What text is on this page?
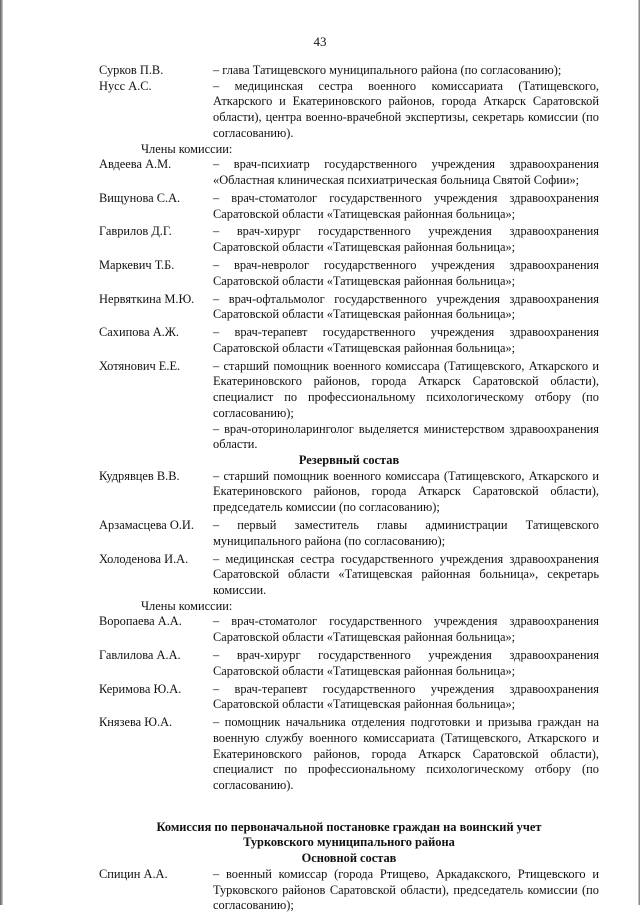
43
Сурков П.В.	– глава Татищевского муниципального района (по согласованию);
Нусс А.С.	– медицинская сестра военного комиссариата (Татищевского, Аткарского и Екатериновского районов, города Аткарск Саратовской области), центра военно-врачебной экспертизы, секретарь комиссии (по согласованию).
Члены комиссии:
Авдеева А.М.	– врач-психиатр государственного учреждения здравоохранения «Областная клиническая психиатрическая больница Святой Софии»;
Вищунова С.А.	– врач-стоматолог государственного учреждения здравоохранения Саратовской области «Татищевская районная больница»;
Гаврилов Д.Г.	– врач-хирург государственного учреждения здравоохранения Саратовской области «Татищевская районная больница»;
Маркевич Т.Б.	– врач-невролог государственного учреждения здравоохранения Саратовской области «Татищевская районная больница»;
Нервяткина М.Ю.	– врач-офтальмолог государственного учреждения здравоохранения Саратовской области «Татищевская районная больница»;
Сахипова А.Ж.	– врач-терапевт государственного учреждения здравоохранения Саратовской области «Татищевская районная больница»;
Хотянович Е.Е.	– старший помощник военного комиссара (Татищевского, Аткарского и Екатериновского районов, города Аткарск Саратовской области), специалист по профессиональному психологическому отбору (по согласованию);
– врач-оториноларинголог выделяется министерством здравоохранения области.
Резервный состав
Кудрявцев В.В.	– старший помощник военного комиссара (Татищевского, Аткарского и Екатериновского районов, города Аткарск Саратовской области), председатель комиссии (по согласованию);
Арзамасцева О.И.	– первый заместитель главы администрации Татищевского муниципального района (по согласованию);
Холоденова И.А.	– медицинская сестра государственного учреждения здравоохранения Саратовской области «Татищевская районная больница», секретарь комиссии.
Члены комиссии:
Воропаева А.А.	– врач-стоматолог государственного учреждения здравоохранения Саратовской области «Татищевская районная больница»;
Гавлилова А.А.	– врач-хирург государственного учреждения здравоохранения Саратовской области «Татищевская районная больница»;
Керимова Ю.А.	– врач-терапевт государственного учреждения здравоохранения Саратовской области «Татищевская районная больница»;
Князева Ю.А.	– помощник начальника отделения подготовки и призыва граждан на военную службу военного комиссариата (Татищевского, Аткарского и Екатериновского районов, города Аткарск Саратовской области), специалист по профессиональному психологическому отбору (по согласованию).
Комиссия по первоначальной постановке граждан на воинский учет
Турковского муниципального района
Основной состав
Спицин А.А.	– военный комиссар (города Ртищево, Аркадакского, Ртищевского и Турковского районов Саратовской области), председатель комиссии (по согласованию);
